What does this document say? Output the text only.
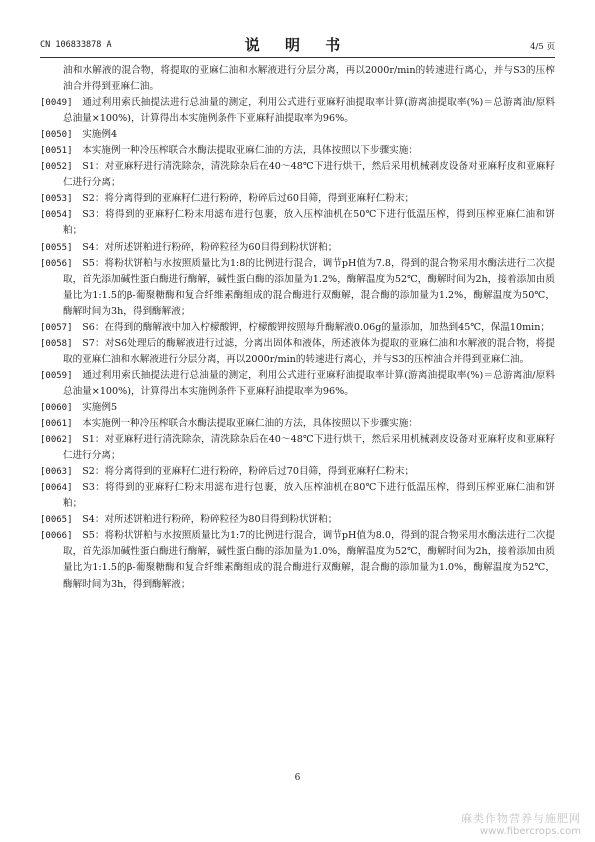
CN 106833878 A	说 明 书	4/5 页

油和水解液的混合物，将提取的亚麻仁油和水解液进行分层分离，再以2000r/min的转速进行离心，并与S3的压榨油合并得到亚麻仁油。

[0049] 通过利用索氏抽提法进行总油量的测定，利用公式进行亚麻籽油提取率计算(游离油提取率(%)＝总游离油/原料总油量×100%)，计算得出本实施例条件下亚麻籽油提取率为96%。

[0050] 实施例4

[0051] 本实施例一种冷压榨联合水酶法提取亚麻仁油的方法，具体按照以下步骤实施：

[0052] S1：对亚麻籽进行清洗除杂，清洗除杂后在40～48℃下进行烘干，然后采用机械剥皮设备对亚麻籽皮和亚麻籽仁进行分离；

[0053] S2：将分离得到的亚麻籽仁进行粉碎，粉碎后过60目筛，得到亚麻籽仁粉末；

[0054] S3：将得到的亚麻籽仁粉末用滤布进行包裹，放入压榨油机在50℃下进行低温压榨，得到压榨亚麻仁油和饼粕；

[0055] S4：对所述饼粕进行粉碎，粉碎粒径为60目得到粉状饼粕；

[0056] S5：将粉状饼粕与水按照质量比为1:8的比例进行混合，调节pH值为7.8，得到的混合物采用水酶法进行二次提取，首先添加碱性蛋白酶进行酶解，碱性蛋白酶的添加量为1.2%，酶解温度为52℃，酶解时间为2h，接着添加由质量比为1:1.5的β-葡聚糖酶和复合纤维素酶组成的混合酶进行双酶解，混合酶的添加量为1.2%，酶解温度为50℃，酶解时间为3h，得到酶解液；

[0057] S6：在得到的酶解液中加入柠檬酸钾，柠檬酸钾按照每升酶解液0.06g的量添加，加热到45℃，保温10min；

[0058] S7：对S6处理后的酶解液进行过滤，分离出固体和液体，所述液体为提取的亚麻仁油和水解液的混合物，将提取的亚麻仁油和水解液进行分层分离，再以2000r/min的转速进行离心，并与S3的压榨油合并得到亚麻仁油。

[0059] 通过利用索氏抽提法进行总油量的测定，利用公式进行亚麻籽油提取率计算(游离油提取率(%)＝总游离油/原料总油量×100%)，计算得出本实施例条件下亚麻籽油提取率为96%。

[0060] 实施例5

[0061] 本实施例一种冷压榨联合水酶法提取亚麻仁油的方法，具体按照以下步骤实施：

[0062] S1：对亚麻籽进行清洗除杂，清洗除杂后在40～48℃下进行烘干，然后采用机械剥皮设备对亚麻籽皮和亚麻籽仁进行分离；

[0063] S2：将分离得到的亚麻籽仁进行粉碎，粉碎后过70目筛，得到亚麻籽仁粉末；

[0064] S3：将得到的亚麻籽仁粉末用滤布进行包裹，放入压榨油机在80℃下进行低温压榨，得到压榨亚麻仁油和饼粕；

[0065] S4：对所述饼粕进行粉碎，粉碎粒径为80目得到粉状饼粕；

[0066] S5：将粉状饼粕与水按照质量比为1:7的比例进行混合，调节pH值为8.0，得到的混合物采用水酶法进行二次提取，首先添加碱性蛋白酶进行酶解，碱性蛋白酶的添加量为1.0%，酶解温度为52℃，酶解时间为2h，接着添加由质量比为1:1.5的β-葡聚糖酶和复合纤维素酶组成的混合酶进行双酶解，混合酶的添加量为1.0%，酶解温度为52℃，酶解时间为3h，得到酶解液；

6
麻类作物营养与施肥网
www.fibercrops.com
